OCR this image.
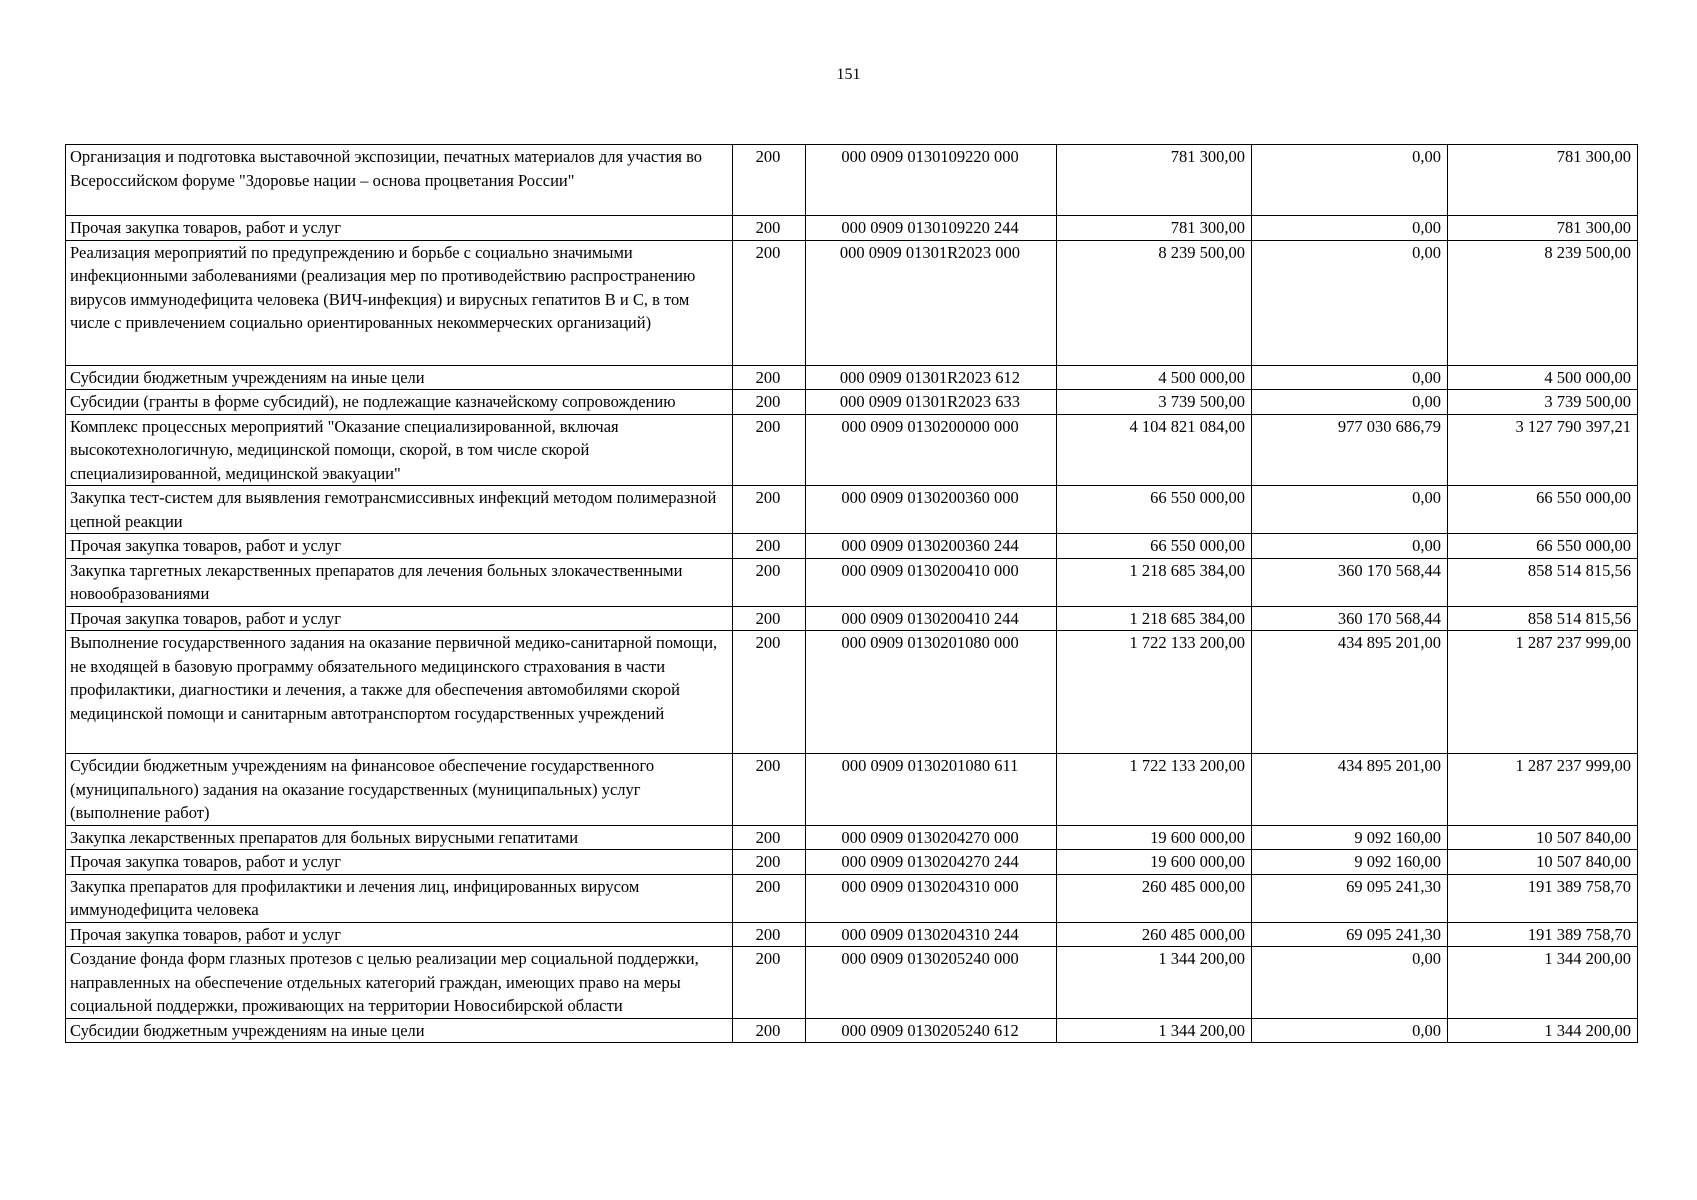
151
Организация и подготовка выставочной экспозиции, печатных материалов для участия во Всероссийском форуме "Здоровье нации – основа процветания России"	200	000 0909 0130109220 000	781 300,00	0,00	781 300,00
Прочая закупка товаров, работ и услуг	200	000 0909 0130109220 244	781 300,00	0,00	781 300,00
Реализация мероприятий по предупреждению и борьбе с социально значимыми инфекционными заболеваниями (реализация мер по противодействию распространению вирусов иммунодефицита человека (ВИЧ-инфекция) и вирусных гепатитов B и C, в том числе с привлечением социально ориентированных некоммерческих организаций)	200	000 0909 01301R2023 000	8 239 500,00	0,00	8 239 500,00
Субсидии бюджетным учреждениям на иные цели	200	000 0909 01301R2023 612	4 500 000,00	0,00	4 500 000,00
Субсидии (гранты в форме субсидий), не подлежащие казначейскому сопровождению	200	000 0909 01301R2023 633	3 739 500,00	0,00	3 739 500,00
Комплекс процессных мероприятий "Оказание специализированной, включая высокотехнологичную, медицинской помощи, скорой, в том числе скорой специализированной, медицинской эвакуации"	200	000 0909 0130200000 000	4 104 821 084,00	977 030 686,79	3 127 790 397,21
Закупка тест-систем для выявления гемотрансмиссивных инфекций методом полимеразной цепной реакции	200	000 0909 0130200360 000	66 550 000,00	0,00	66 550 000,00
Прочая закупка товаров, работ и услуг	200	000 0909 0130200360 244	66 550 000,00	0,00	66 550 000,00
Закупка таргетных лекарственных препаратов для лечения больных злокачественными новообразованиями	200	000 0909 0130200410 000	1 218 685 384,00	360 170 568,44	858 514 815,56
Прочая закупка товаров, работ и услуг	200	000 0909 0130200410 244	1 218 685 384,00	360 170 568,44	858 514 815,56
Выполнение государственного задания на оказание первичной медико-санитарной помощи, не входящей в базовую программу обязательного медицинского страхования в части профилактики, диагностики и лечения, а также для обеспечения автомобилями скорой медицинской помощи и санитарным автотранспортом государственных учреждений	200	000 0909 0130201080 000	1 722 133 200,00	434 895 201,00	1 287 237 999,00
Субсидии бюджетным учреждениям на финансовое обеспечение государственного (муниципального) задания на оказание государственных (муниципальных) услуг (выполнение работ)	200	000 0909 0130201080 611	1 722 133 200,00	434 895 201,00	1 287 237 999,00
Закупка лекарственных препаратов для больных вирусными гепатитами	200	000 0909 0130204270 000	19 600 000,00	9 092 160,00	10 507 840,00
Прочая закупка товаров, работ и услуг	200	000 0909 0130204270 244	19 600 000,00	9 092 160,00	10 507 840,00
Закупка препаратов для профилактики и лечения лиц, инфицированных вирусом иммунодефицита человека	200	000 0909 0130204310 000	260 485 000,00	69 095 241,30	191 389 758,70
Прочая закупка товаров, работ и услуг	200	000 0909 0130204310 244	260 485 000,00	69 095 241,30	191 389 758,70
Создание фонда форм глазных протезов с целью реализации мер социальной поддержки, направленных на обеспечение отдельных категорий граждан, имеющих право на меры социальной поддержки, проживающих на территории Новосибирской области	200	000 0909 0130205240 000	1 344 200,00	0,00	1 344 200,00
Субсидии бюджетным учреждениям на иные цели	200	000 0909 0130205240 612	1 344 200,00	0,00	1 344 200,00
